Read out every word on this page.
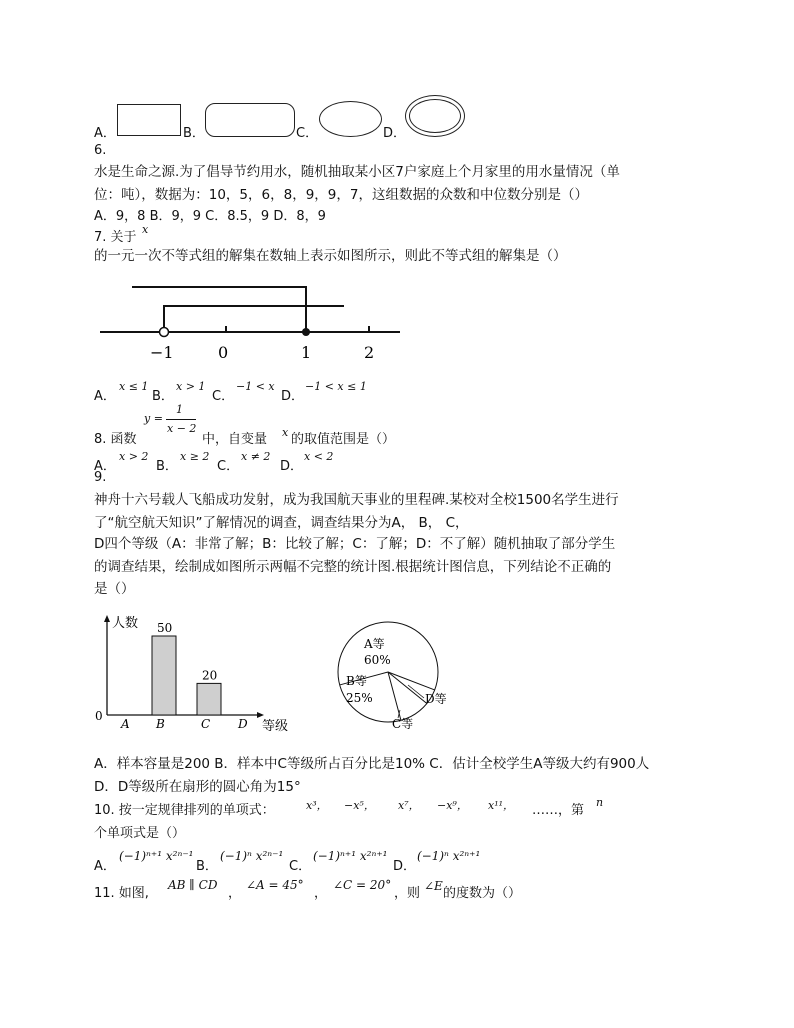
A．	B．	C．	D．
6.
水是生命之源.为了倡导节约用水，随机抽取某小区7户家庭上个月家里的用水量情况（单
位：吨），数据为：10，5，6，8，9，9，7，这组数据的众数和中位数分别是（）
A．9，8 B．9，9 C．8.5，9 D．8，9
7. 关于
x
的一元一次不等式组的解集在数轴上表示如图所示，则此不等式组的解集是（）
−1	0	1	2
A．
x ≤ 1
B．
x > 1
C．
−1 < x
D．
−1 < x ≤ 1
8. 函数
y =
1
x − 2
中，自变量 x 的取值范围是（）
A．
x > 2
B．
x ≥ 2
C．
x ≠ 2
D．
x < 2
9.
神舟十六号载人飞船成功发射，成为我国航天事业的里程碑.某校对全校1500名学生进行
了“航空航天知识”了解情况的调查，调查结果分为A， B， C，
D四个等级（A：非常了解；B：比较了解；C：了解；D：不了解）随机抽取了部分学生
的调查结果，绘制成如图所示两幅不完整的统计图.根据统计图信息，下列结论不正确的
是（）
人数
0
等级
A B
50
C
20
D
A等
60%
B等
25%
C等
D等
A．样本容量是200 B．样本中C等级所占百分比是10% C．估计全校学生A等级大约有900人
D．D等级所在扇形的圆心角为15°
10. 按一定规律排列的单项式：	x³， −x⁵， x⁷， −x⁹， x¹¹， ……，第
n
个单项式是（）
A．
(−1)ⁿ⁺¹ x²ⁿ⁻¹
B．
(−1)ⁿ x²ⁿ⁻¹
C．
(−1)ⁿ⁺¹ x²ⁿ⁺¹
D．
(−1)ⁿ x²ⁿ⁺¹
11. 如图,
AB ∥ CD
，
∠A = 45°
，
∠C = 20°
，则 ∠E 的度数为（）
